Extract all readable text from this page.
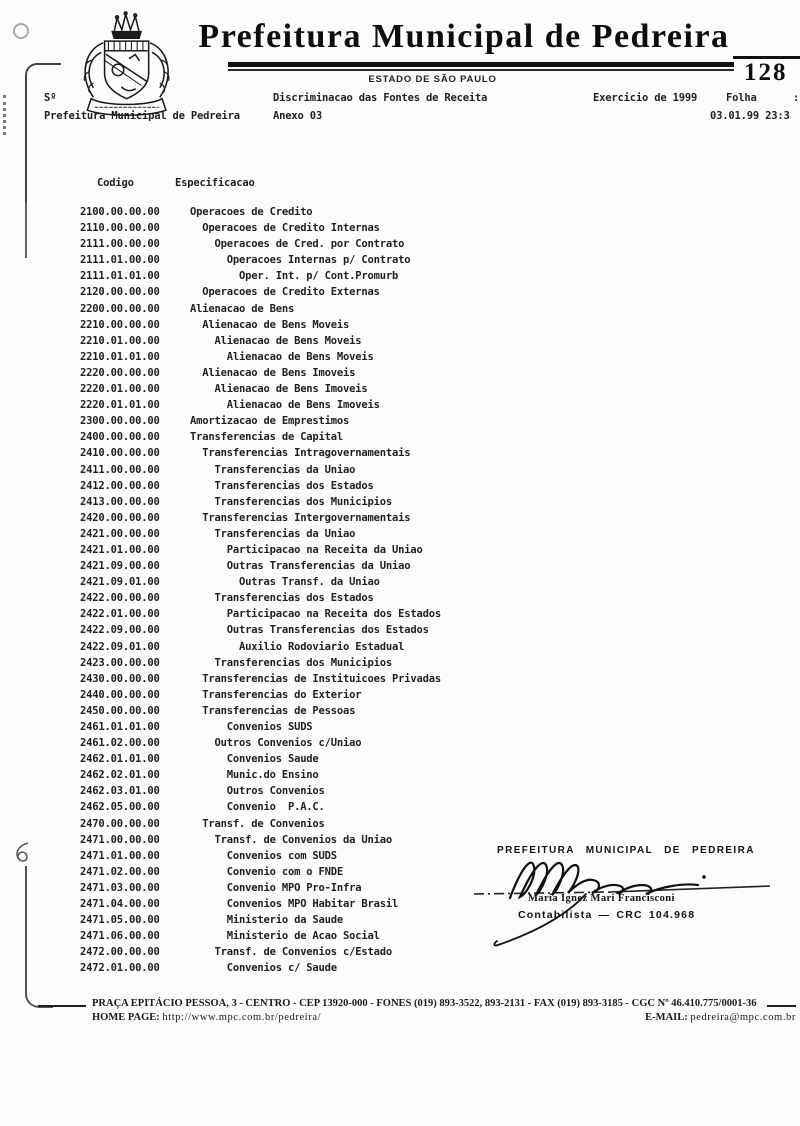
Prefeitura Municipal de Pedreira
ESTADO DE SÃO PAULO	128
Sº
Prefeitura Municipal de Pedreira
Discriminacao das Fontes de Receita
Anexo 03
Exercicio de 1999	Folha	:
03.01.99 23:3
Codigo	Especificacao
2100.00.00.00	Operacoes de Credito
2110.00.00.00	Operacoes de Credito Internas
2111.00.00.00	Operacoes de Cred. por Contrato
2111.01.00.00	Operacoes Internas p/ Contrato
2111.01.01.00	Oper. Int. p/ Cont.Promurb
2120.00.00.00	Operacoes de Credito Externas
2200.00.00.00	Alienacao de Bens
2210.00.00.00	Alienacao de Bens Moveis
2210.01.00.00	Alienacao de Bens Moveis
2210.01.01.00	Alienacao de Bens Moveis
2220.00.00.00	Alienacao de Bens Imoveis
2220.01.00.00	Alienacao de Bens Imoveis
2220.01.01.00	Alienacao de Bens Imoveis
2300.00.00.00	Amortizacao de Emprestimos
2400.00.00.00	Transferencias de Capital
2410.00.00.00	Transferencias Intragovernamentais
2411.00.00.00	Transferencias da Uniao
2412.00.00.00	Transferencias dos Estados
2413.00.00.00	Transferencias dos Municipios
2420.00.00.00	Transferencias Intergovernamentais
2421.00.00.00	Transferencias da Uniao
2421.01.00.00	Participacao na Receita da Uniao
2421.09.00.00	Outras Transferencias da Uniao
2421.09.01.00	Outras Transf. da Uniao
2422.00.00.00	Transferencias dos Estados
2422.01.00.00	Participacao na Receita dos Estados
2422.09.00.00	Outras Transferencias dos Estados
2422.09.01.00	Auxilio Rodoviario Estadual
2423.00.00.00	Transferencias dos Municipios
2430.00.00.00	Transferencias de Instituicoes Privadas
2440.00.00.00	Transferencias do Exterior
2450.00.00.00	Transferencias de Pessoas
2461.01.01.00	Convenios SUDS
2461.02.00.00	Outros Convenios c/Uniao
2462.01.01.00	Convenios Saude
2462.02.01.00	Munic.do Ensino
2462.03.01.00	Outros Convenios
2462.05.00.00	Convenio  P.A.C.
2470.00.00.00	Transf. de Convenios
2471.00.00.00	Transf. de Convenios da Uniao
2471.01.00.00	Convenios com SUDS
2471.02.00.00	Convenio com o FNDE
2471.03.00.00	Convenio MPO Pro-Infra
2471.04.00.00	Convenios MPO Habitar Brasil
2471.05.00.00	Ministerio da Saude
2471.06.00.00	Ministerio de Acao Social
2472.00.00.00	Transf. de Convenios c/Estado
2472.01.00.00	Convenios c/ Saude
PREFEITURA MUNICIPAL DE PEDREIRA
Maria Ignez Mari Francisconi
Contabilista — CRC 104.968
PRAÇA EPITÁCIO PESSOA, 3 - CENTRO - CEP 13920-000 - FONES (019) 893-3522, 893-2131 - FAX (019) 893-3185 - CGC Nº 46.410.775/0001-36
HOME PAGE: http://www.mpc.com.br/pedreira/	E-MAIL: pedreira@mpc.com.br
